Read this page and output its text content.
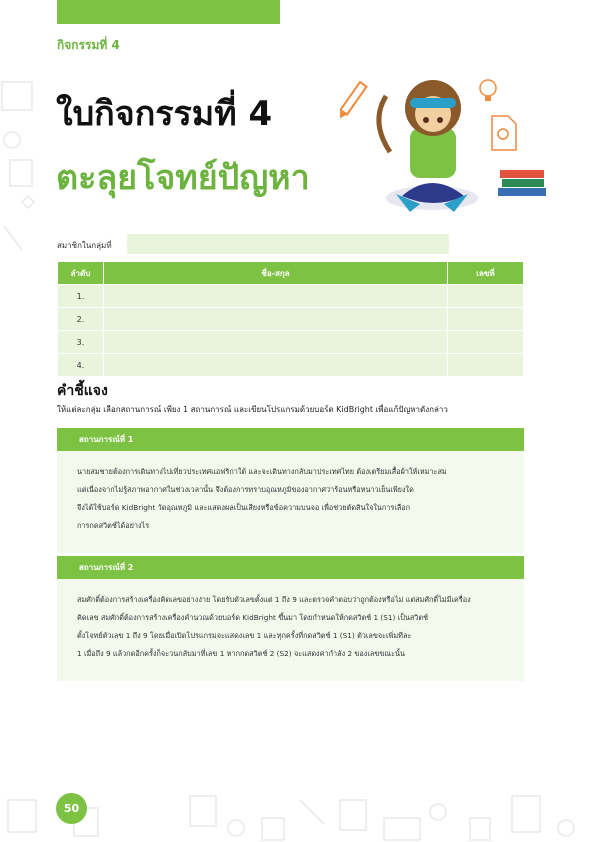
กิจกรรมที่ 4
ใบกิจกรรมที่ 4
ตะลุยโจทย์ปัญหา
สมาชิกในกลุ่มที่
ลำดับ	ชื่อ-สกุล	เลขที่
1.		
2.		
3.		
4.		
คำชี้แจง
ให้แต่ละกลุ่ม เลือกสถานการณ์ เพียง 1 สถานการณ์ และเขียนโปรแกรมด้วยบอร์ด KidBright เพื่อแก้ปัญหาดังกล่าว
สถานการณ์ที่ 1

นายสมชายต้องการเดินทางไปเที่ยวประเทศแอฟริกาใต้ และจะเดินทางกลับมาประเทศไทย ต้องเตรียมเสื้อผ้าให้เหมาะสม

แต่เนื่องจากไม่รู้สภาพอากาศในช่วงเวลานั้น จึงต้องการทราบอุณหภูมิของอากาศว่าร้อนหรือหนาวเย็นเพียงใด

จึงได้ใช้บอร์ด KidBright วัดอุณหภูมิ และแสดงผลเป็นเสียงหรือข้อความบนจอ เพื่อช่วยตัดสินใจในการเลือก

การกดสวิตช์ได้อย่างไร

สถานการณ์ที่ 2

สมศักดิ์ต้องการสร้างเครื่องคิดเลขอย่างง่าย โดยรับตัวเลขตั้งแต่ 1 ถึง 9 และตรวจคำตอบว่าถูกต้องหรือไม่ แต่สมศักดิ์ไม่มีเครื่อง

คิดเลข สมศักดิ์ต้องการสร้างเครื่องคำนวณด้วยบอร์ด KidBright ขึ้นมา โดยกำหนดให้กดสวิตช์ 1 (S1) เป็นสวิตช์

ตั้งโจทย์ตัวเลข 1 ถึง 9 โดยเมื่อเปิดโปรแกรมจะแสดงเลข 1 และทุกครั้งที่กดสวิตช์ 1 (S1) ตัวเลขจะเพิ่มทีละ

1 เมื่อถึง 9 แล้วกดอีกครั้งก็จะวนกลับมาที่เลข 1 หากกดสวิตช์ 2 (S2) จะแสดงค่ากำลัง 2 ของเลขขณะนั้น

50
